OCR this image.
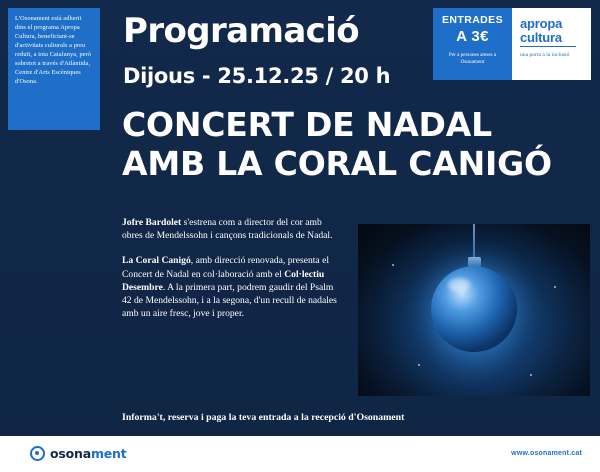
L'Osonament està adherit dins el programa Apropa Cultura, beneficiant-se d'activitats culturals a preu reduït, a tota Catalunya, però sobretot a través d'Atlàntida, Centre d'Arts Escèniques d'Osona.

ENTRADES
A 3€
Per a persones ateses a Osonament
apropa
cultura
una porta a la inclusió
Programació
Dijous - 25.12.25 / 20 h
CONCERT DE NADAL
AMB LA CORAL CANIGÓ

Jofre Bardolet s'estrena com a director del cor amb obres de Mendelssohn i cançons tradicionals de Nadal.

La Coral Canigó, amb direcció renovada, presenta el Concert de Nadal en col·laboració amb el Col·lectiu Desembre. A la primera part, podrem gaudir del Psalm 42 de Mendelssohn, i a la segona, d'un recull de nadales amb un aire fresc, jove i proper.

Informa't, reserva i paga la teva entrada a la recepció d'Osonament
osonament	www.osonament.cat
